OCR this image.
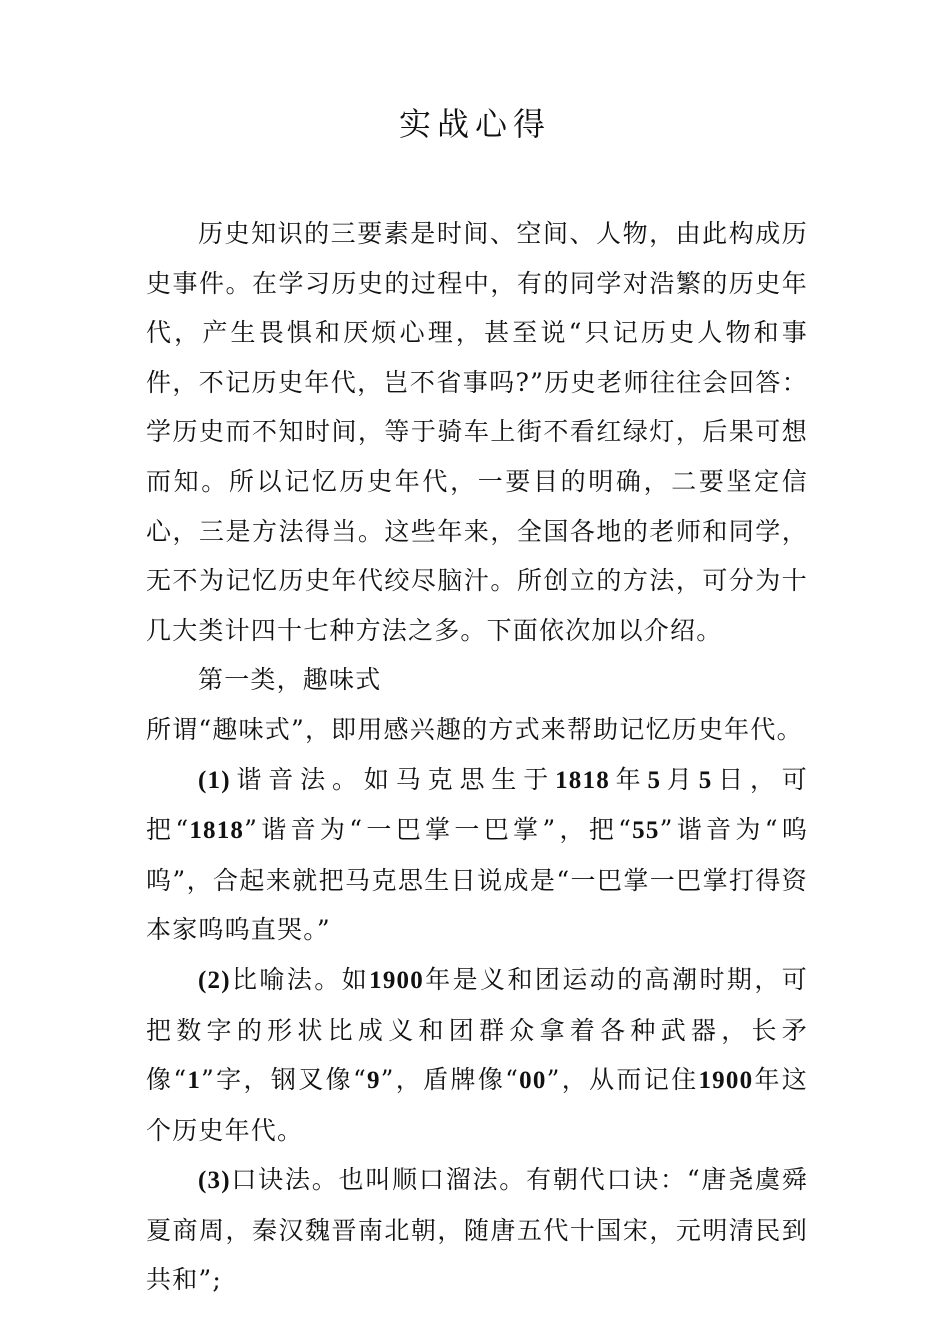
实战心得

历史知识的三要素是时间、空间、人物，由此构成历史事件。在学习历史的过程中，有的同学对浩繁的历史年代，产生畏惧和厌烦心理，甚至说“只记历史人物和事件，不记历史年代，岂不省事吗?”历史老师往往会回答：学历史而不知时间，等于骑车上街不看红绿灯，后果可想而知。所以记忆历史年代，一要目的明确，二要坚定信心，三是方法得当。这些年来，全国各地的老师和同学，无不为记忆历史年代绞尽脑汁。所创立的方法，可分为十几大类计四十七种方法之多。下面依次加以介绍。

第一类，趣味式

所谓“趣味式”，即用感兴趣的方式来帮助记忆历史年代。

(1)谐音法。如马克思生于1818年5月5日，可把“1818”谐音为“一巴掌一巴掌”，把“55”谐音为“呜呜”，合起来就把马克思生日说成是“一巴掌一巴掌打得资本家呜呜直哭。”

(2)比喻法。如1900年是义和团运动的高潮时期，可把数字的形状比成义和团群众拿着各种武器，长矛像“1”字，钢叉像“9”，盾牌像“00”，从而记住1900年这个历史年代。

(3)口诀法。也叫顺口溜法。有朝代口诀：“唐尧虞舜夏商周，秦汉魏晋南北朝，随唐五代十国宋，元明清民到共和”;
